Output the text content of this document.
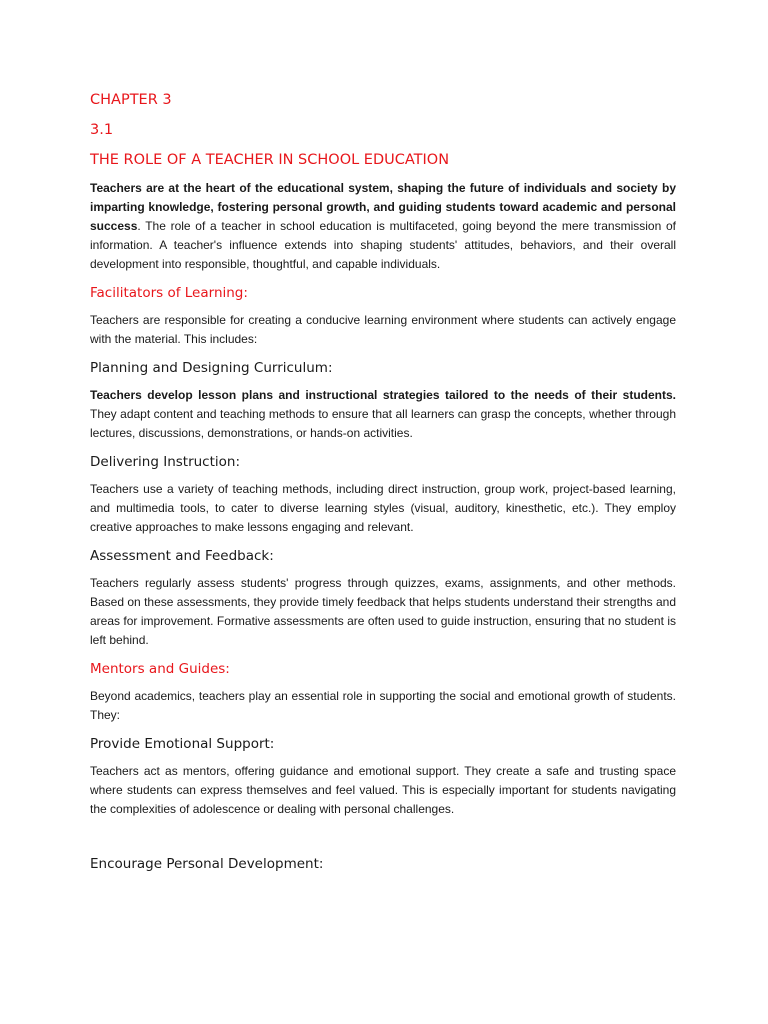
CHAPTER 3
3.1
THE ROLE OF A TEACHER IN SCHOOL EDUCATION

Teachers are at the heart of the educational system, shaping the future of individuals and society by imparting knowledge, fostering personal growth, and guiding students toward academic and personal success. The role of a teacher in school education is multifaceted, going beyond the mere transmission of information. A teacher's influence extends into shaping students' attitudes, behaviors, and their overall development into responsible, thoughtful, and capable individuals.

Facilitators of Learning:

Teachers are responsible for creating a conducive learning environment where students can actively engage with the material. This includes:

Planning and Designing Curriculum:

Teachers develop lesson plans and instructional strategies tailored to the needs of their students. They adapt content and teaching methods to ensure that all learners can grasp the concepts, whether through lectures, discussions, demonstrations, or hands-on activities.

Delivering Instruction:

Teachers use a variety of teaching methods, including direct instruction, group work, project-based learning, and multimedia tools, to cater to diverse learning styles (visual, auditory, kinesthetic, etc.). They employ creative approaches to make lessons engaging and relevant.

Assessment and Feedback:

Teachers regularly assess students' progress through quizzes, exams, assignments, and other methods. Based on these assessments, they provide timely feedback that helps students understand their strengths and areas for improvement. Formative assessments are often used to guide instruction, ensuring that no student is left behind.

Mentors and Guides:

Beyond academics, teachers play an essential role in supporting the social and emotional growth of students. They:

Provide Emotional Support:

Teachers act as mentors, offering guidance and emotional support. They create a safe and trusting space where students can express themselves and feel valued. This is especially important for students navigating the complexities of adolescence or dealing with personal challenges.

Encourage Personal Development:
